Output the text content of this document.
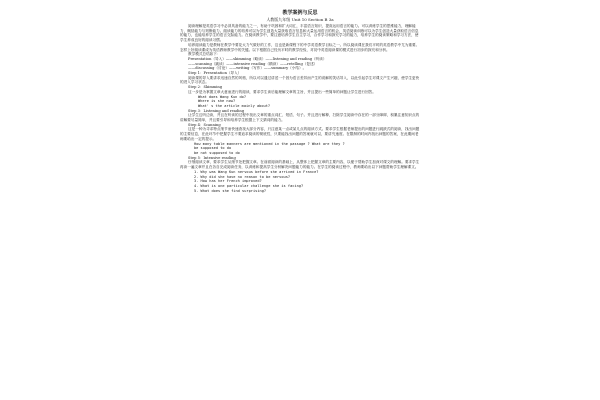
教学案例与反思
人教版九年级 Unit 10 Section B 3a

阅读理解是英语学习中必须具备的能力之一，有助于巩固和扩大词汇，丰富语言知识，提高运用语言的能力。可以训练学生的思维能力，理解能力，概括能力与判断能力。阅读能力的培养可以为学生创造大量获取语言信息和大量运用语言的机会，英语阅读训练可以为学生创造大量获取语言信息的能力，也能培养学生的语言交际能力。在阅读教学中，要注意培养学生自主学习，合作学习和探究学习的能力，培养学生的阅读策略和学习方法，使学生养成良好的阅读习惯。

培养阅读能力是教师在教学中要花大力气做好的工作，这也是新课程下的中学英语教学目标之一。所以阅读课在我们平时的英语教学中尤为重要。怎样上好阅读课成为英语教师教学中的关键。以下根据自己经历平时的教学经验，对初中英语阅读课的模式进行初步的探究和分析。

教学模式总结如下：

Presentation（导入）——skimming（略读）——listening and reading（听读）

——scanning（跳读）——intensive reading（精读）——retelling（复述）

——discussing（讨论）——writing（写作）——summary（小结）。

Step 1：Presentation（导入）

阅读课的导入要讲求迅速自然的风格，所以可以通过讲述一个因为语言差异而产生的误解的笑话导入，以此引起学生对课文产生兴趣，使学生更快的进入学习状态。

Step 2：Skimming

这一步是为掌握文章大意而进行的阅读，要求学生读后能理解文章的主旨，并且提出一些简单的问题让学生进行回答。

What does Wang Kun do?

Where is she now?

What' s the article mainly about?

Step 3：Listening and reading

让学生边听边读，并且在听读的过程中找出文章的重点词汇、短语、句子。并且进行解释，扫除学生阅读中存在的一部分障碍，积累注意知识点的讲解要尽量简单，并且要引导和培养学生根据上下文猜词的能力。

Step 4：Scanning

这是一种为寻求特点细节而快速查找大部分内容，只注意某一点或某几点的阅读方式。要求学生根据老师提出的问题进行跳跃式的阅读，找出问题的主要信息，在此环节中把握学生不要追求阅读的彻底性，只要能找出问题的答案就可以，要讲究速度。在限制的时间内找出问题的答案，在此期间老师要给出一定的提示。

How many table manners are mentioned in the passage ? What are they ?

be supposed to do

be not supposed to do

Step 5：Intensive reading

仔细阅读文章，要求学生从细节处把握文章。在前面阅读的基础上，从整体上把握文章的主要内容，以便于帮助学生加深对课文的理解。要求学生再读一遍文章并且在各自完成阅读任务，以训练和提高学生分析解决问题能力的能力。在学生的阅读过程中，教师要给出以下问题帮助学生理解课文。

1. Why was Wang Kun nervous before she arrived in France?

2. Why did she have no reason to be nervous?

3. How has her French improved?

4. What is one particular challenge she is facing?

5. What does she find surprising?
